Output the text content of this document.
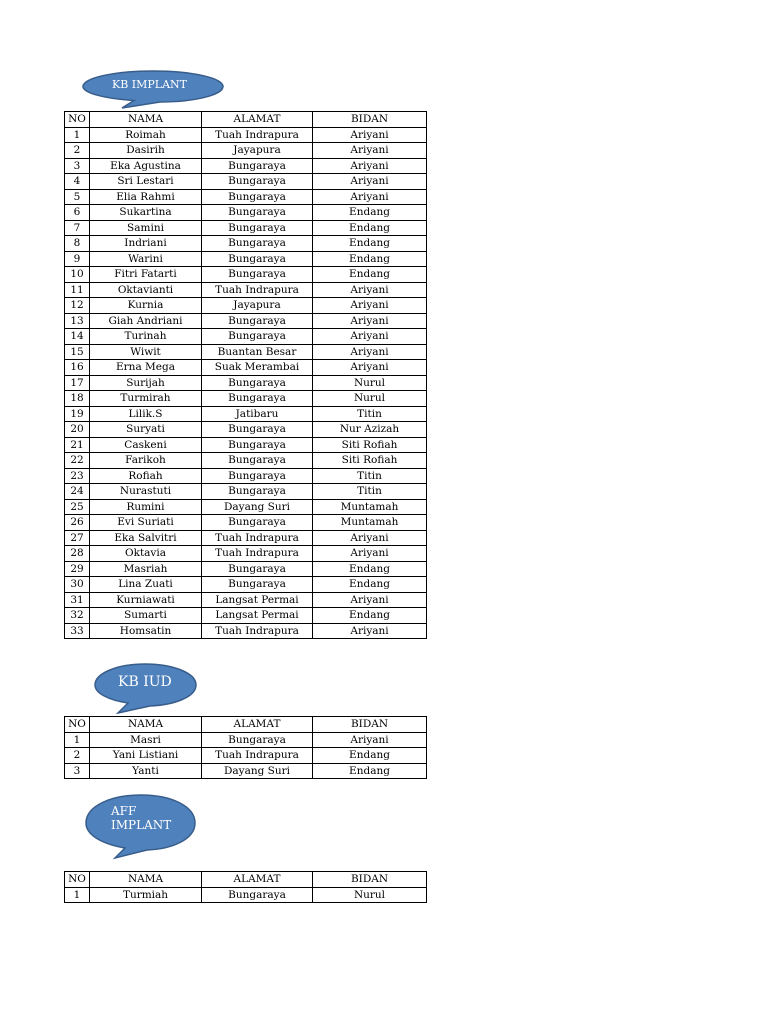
KB IMPLANT
NO	NAMA	ALAMAT	BIDAN
1	Roimah	Tuah Indrapura	Ariyani
2	Dasirih	Jayapura	Ariyani
3	Eka Agustina	Bungaraya	Ariyani
4	Sri Lestari	Bungaraya	Ariyani
5	Elia Rahmi	Bungaraya	Ariyani
6	Sukartina	Bungaraya	Endang
7	Samini	Bungaraya	Endang
8	Indriani	Bungaraya	Endang
9	Warini	Bungaraya	Endang
10	Fitri Fatarti	Bungaraya	Endang
11	Oktavianti	Tuah Indrapura	Ariyani
12	Kurnia	Jayapura	Ariyani
13	Giah Andriani	Bungaraya	Ariyani
14	Turinah	Bungaraya	Ariyani
15	Wiwit	Buantan Besar	Ariyani
16	Erna Mega	Suak Merambai	Ariyani
17	Surijah	Bungaraya	Nurul
18	Turmirah	Bungaraya	Nurul
19	Lilik.S	Jatibaru	Titin
20	Suryati	Bungaraya	Nur Azizah
21	Caskeni	Bungaraya	Siti Rofiah
22	Farikoh	Bungaraya	Siti Rofiah
23	Rofiah	Bungaraya	Titin
24	Nurastuti	Bungaraya	Titin
25	Rumini	Dayang Suri	Muntamah
26	Evi Suriati	Bungaraya	Muntamah
27	Eka Salvitri	Tuah Indrapura	Ariyani
28	Oktavia	Tuah Indrapura	Ariyani
29	Masriah	Bungaraya	Endang
30	Lina Zuati	Bungaraya	Endang
31	Kurniawati	Langsat Permai	Ariyani
32	Sumarti	Langsat Permai	Endang
33	Homsatin	Tuah Indrapura	Ariyani
KB IUD
NO	NAMA	ALAMAT	BIDAN
1	Masri	Bungaraya	Ariyani
2	Yani Listiani	Tuah Indrapura	Endang
3	Yanti	Dayang Suri	Endang
AFF
IMPLANT
NO	NAMA	ALAMAT	BIDAN
1	Turmiah	Bungaraya	Nurul
